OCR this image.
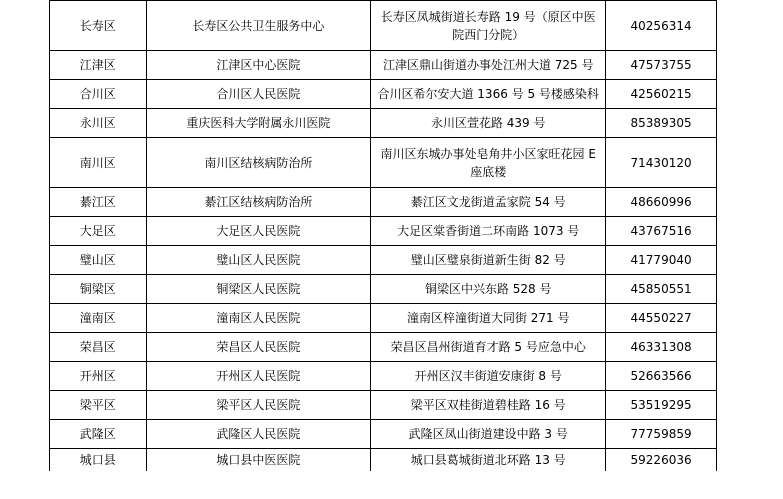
长寿区	长寿区公共卫生服务中心	长寿区凤城街道长寿路 19 号（原区中医院西门分院）	40256314
江津区	江津区中心医院	江津区鼎山街道办事处江州大道 725 号	47573755
合川区	合川区人民医院	合川区希尔安大道 1366 号 5 号楼感染科	42560215
永川区	重庆医科大学附属永川医院	永川区萱花路 439 号	85389305
南川区	南川区结核病防治所	南川区东城办事处皂角井小区家旺花园 E 座底楼	71430120
綦江区	綦江区结核病防治所	綦江区文龙街道孟家院 54 号	48660996
大足区	大足区人民医院	大足区棠香街道二环南路 1073 号	43767516
璧山区	璧山区人民医院	璧山区璧泉街道新生街 82 号	41779040
铜梁区	铜梁区人民医院	铜梁区中兴东路 528 号	45850551
潼南区	潼南区人民医院	潼南区梓潼街道大同街 271 号	44550227
荣昌区	荣昌区人民医院	荣昌区昌州街道育才路 5 号应急中心	46331308
开州区	开州区人民医院	开州区汉丰街道安康街 8 号	52663566
梁平区	梁平区人民医院	梁平区双桂街道碧桂路 16 号	53519295
武隆区	武隆区人民医院	武隆区凤山街道建设中路 3 号	77759859
城口县	城口县中医医院	城口县葛城街道北环路 13 号	59226036
